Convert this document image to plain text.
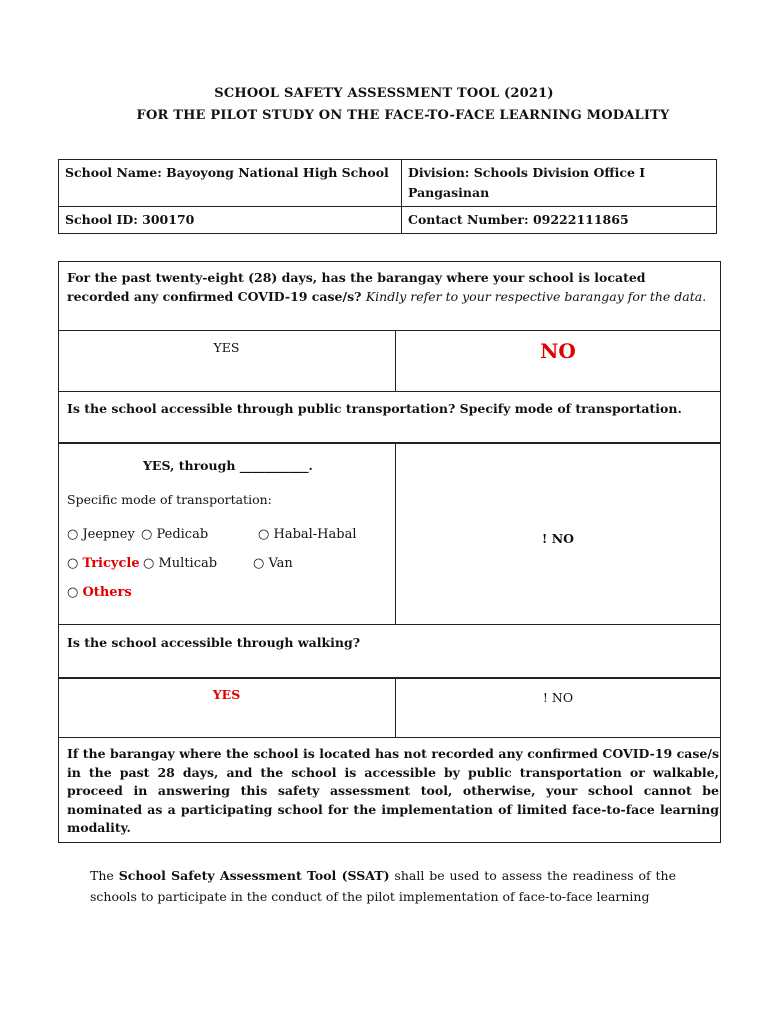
SCHOOL SAFETY ASSESSMENT TOOL (2021)
FOR THE PILOT STUDY ON THE FACE-TO-FACE LEARNING MODALITY
School Name: Bayoyong National High School	Division: Schools Division Office I Pangasinan
School ID: 300170	Contact Number: 09222111865
For the past twenty-eight (28) days, has the barangay where your school is located recorded any confirmed COVID-19 case/s? Kindly refer to your respective barangay for the data.
YES	NO
Is the school accessible through public transportation? Specify mode of transportation.
YES, through ___________.
Specific mode of transportation:
○ Jeepney ○ Pedicab	○ Habal-Habal
○ Tricycle ○ Multicab	○ Van
○ Others
! NO
Is the school accessible through walking?
YES	! NO
If the barangay where the school is located has not recorded any confirmed COVID-19 case/s in the past 28 days, and the school is accessible by public transportation or walkable, proceed in answering this safety assessment tool, otherwise, your school cannot be nominated as a participating school for the implementation of limited face-to-face learning modality.
The School Safety Assessment Tool (SSAT) shall be used to assess the readiness of the schools to participate in the conduct of the pilot implementation of face-to-face learning
